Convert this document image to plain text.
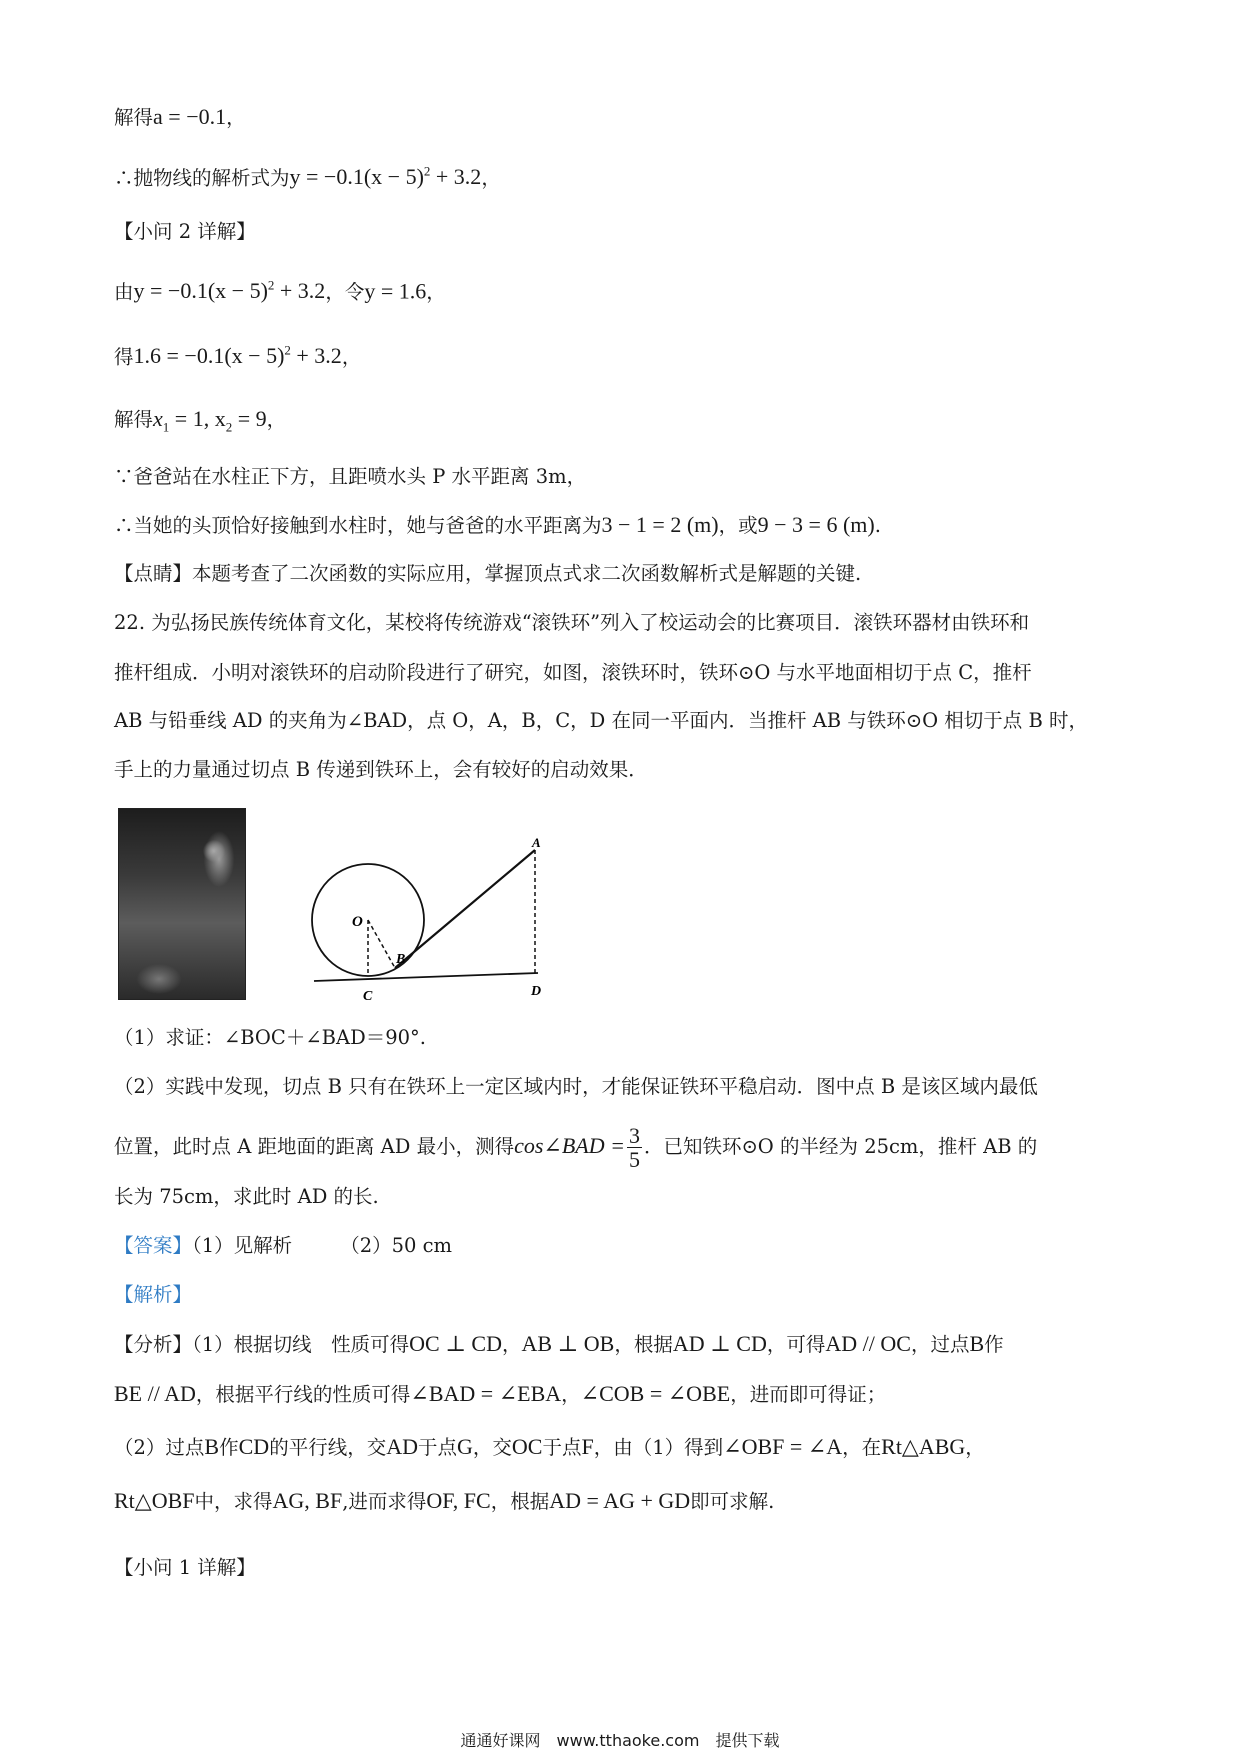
解得a = −0.1，
∴抛物线的解析式为$y = -0.1(x - 5)^2 + 3.2$，
【小问 2 详解】
由$y = -0.1(x - 5)^2 + 3.2$，令y = 1.6，
得$1.6 = -0.1(x - 5)^2 + 3.2$，
解得$x_1 = 1$, $x_2 = 9$，
∵爸爸站在水柱正下方，且距喷水头 P 水平距离 3m，
∴当她的头顶恰好接触到水柱时，她与爸爸的水平距离为3 − 1 = 2 (m)，或9 − 3 = 6 (m).
【点睛】本题考查了二次函数的实际应用，掌握顶点式求二次函数解析式是解题的关键.
22. 为弘扬民族传统体育文化，某校将传统游戏“滚铁环”列入了校运动会的比赛项目．滚铁环器材由铁环和
推杆组成．小明对滚铁环的启动阶段进行了研究，如图，滚铁环时，铁环⊙O 与水平地面相切于点 C，推杆
AB 与铅垂线 AD 的夹角为∠BAD，点 O，A，B，C，D 在同一平面内．当推杆 AB 与铁环⊙O 相切于点 B 时，
手上的力量通过切点 B 传递到铁环上，会有较好的启动效果．
O
A
B
C	D
（1）求证：∠BOC＋∠BAD＝90°.
（2）实践中发现，切点 B 只有在铁环上一定区域内时，才能保证铁环平稳启动．图中点 B 是该区域内最低
位置，此时点 A 距地面的距离 AD 最小，测得cos∠BAD = $\frac{3}{5}$ ．已知铁环⊙O 的半经为 25cm，推杆 AB 的
长为 75cm，求此时 AD 的长.
【答案】（1）见解析 （2）50 cm
【解析】
【分析】（1）根据切线　性质可得OC ⊥ CD，AB ⊥ OB，根据AD ⊥ CD，可得AD // OC，过点B作
BE // AD，根据平行线的性质可得∠BAD = ∠EBA，∠COB = ∠OBE，进而即可得证；
（2）过点B作CD的平行线，交AD于点G，交OC于点F，由（1）得到∠OBF = ∠A，在Rt△ABG，
Rt△OBF中，求得AG, BF,进而求得OF, FC，根据AD = AG + GD即可求解.
【小问 1 详解】
通通好课网　www.tthaoke.com　提供下载
